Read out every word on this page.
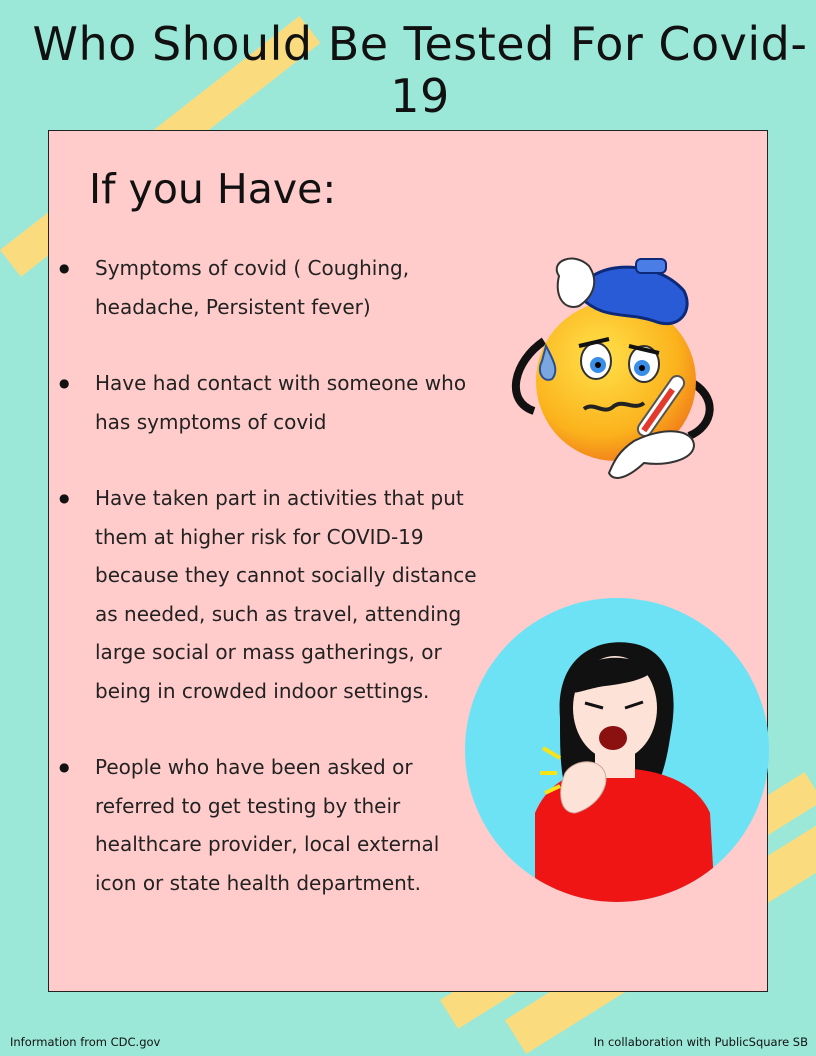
Who Should Be Tested For Covid-19
If you Have:
● Symptoms of covid ( Coughing, headache, Persistent fever)
● Have had contact with someone who has symptoms of covid
● Have taken part in activities that put them at higher risk for COVID-19 because they cannot socially distance as needed, such as travel, attending large social or mass gatherings, or being in crowded indoor settings.
● People who have been asked or referred to get testing by their healthcare provider, local external icon or state health department.
Information from CDC.gov	In collaboration with PublicSquare SB
